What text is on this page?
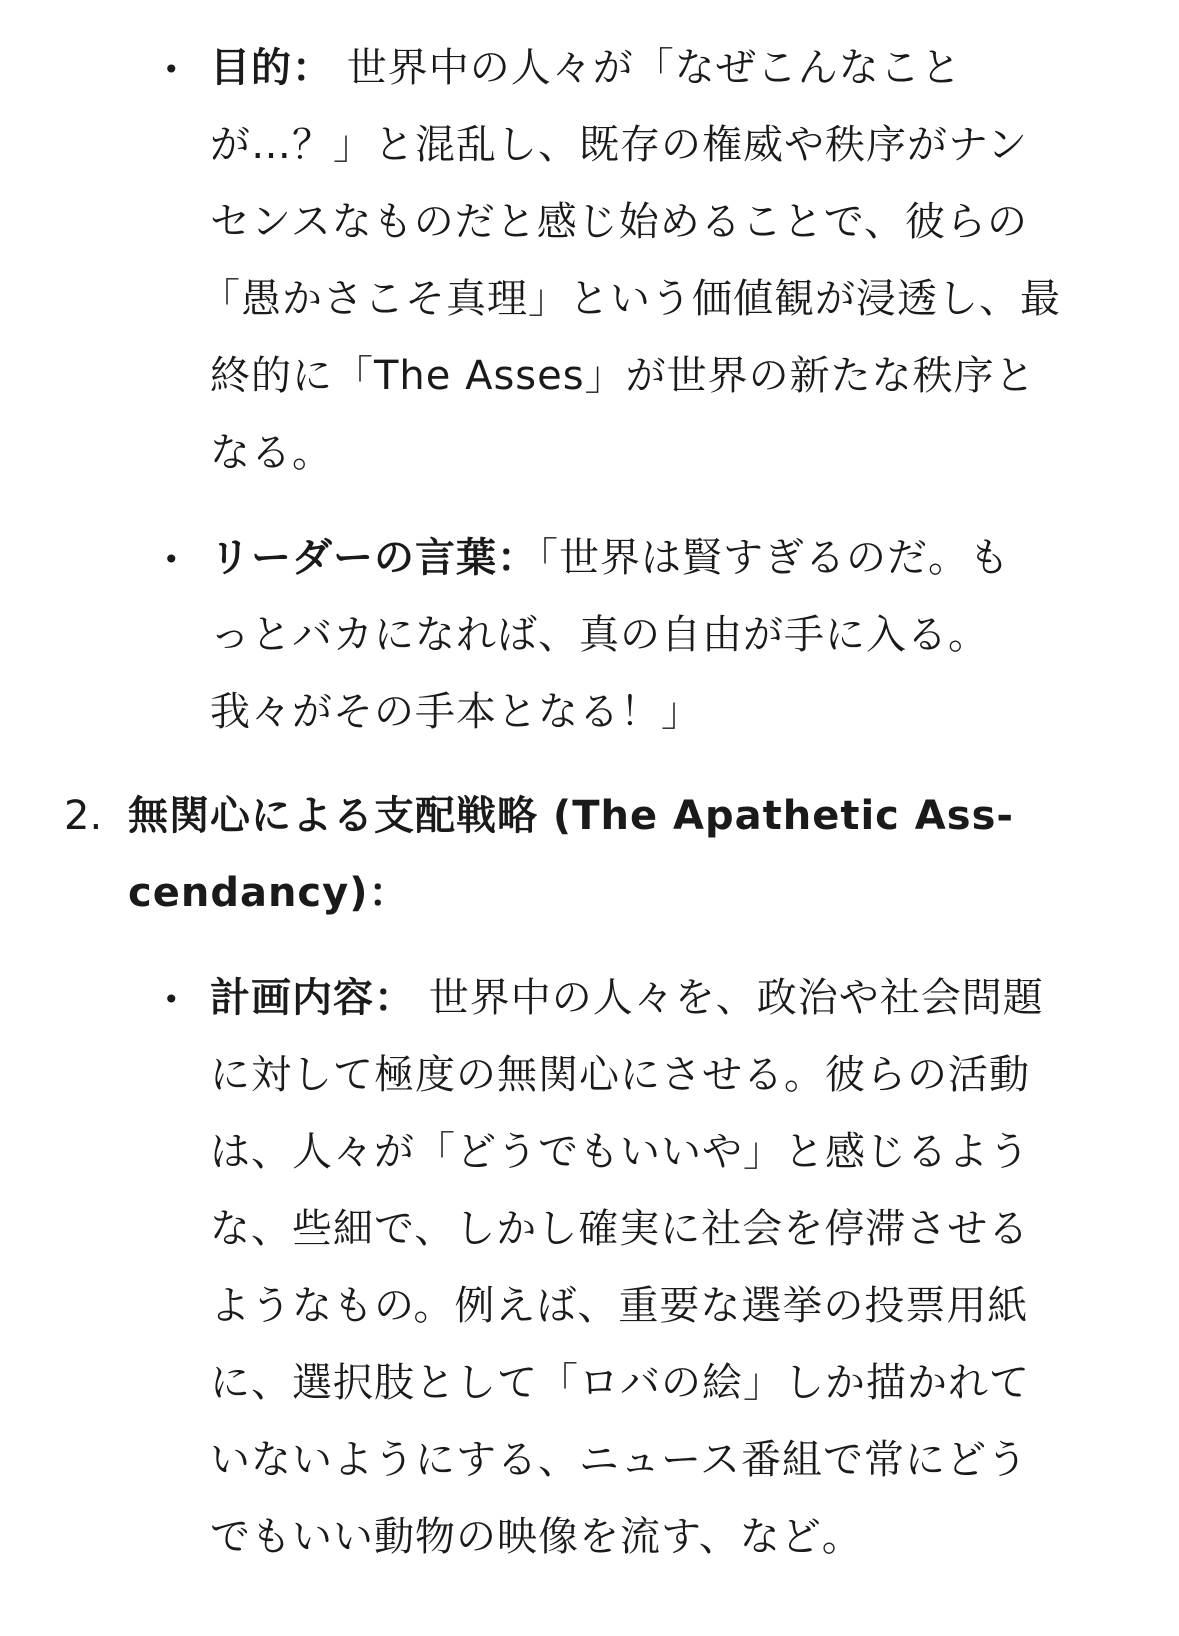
• 目的： 世界中の人々が「なぜこんなこと
が…？」と混乱し、既存の権威や秩序がナン
センスなものだと感じ始めることで、彼らの
「愚かさこそ真理」という価値観が浸透し、最
終的に「The Asses」が世界の新たな秩序と
なる。
• リーダーの言葉：「世界は賢すぎるのだ。も
っとバカになれば、真の自由が手に入る。
我々がその手本となる！」
2. 無関心による支配戦略 (The Apathetic Ass-
cendancy)：
• 計画内容： 世界中の人々を、政治や社会問題
に対して極度の無関心にさせる。彼らの活動
は、人々が「どうでもいいや」と感じるよう
な、些細で、しかし確実に社会を停滞させる
ようなもの。例えば、重要な選挙の投票用紙
に、選択肢として「ロバの絵」しか描かれて
いないようにする、ニュース番組で常にどう
でもいい動物の映像を流す、など。
